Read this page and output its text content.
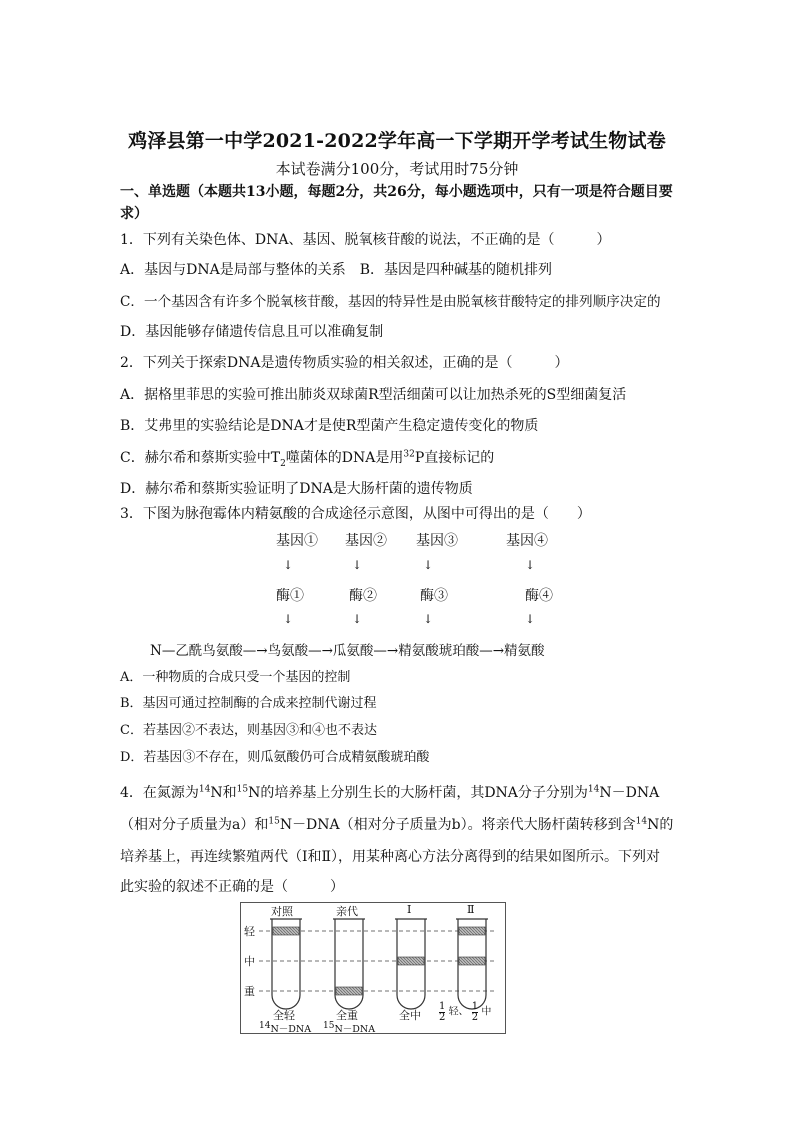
鸡泽县第一中学2021-2022学年高一下学期开学考试生物试卷
本试卷满分100分，考试用时75分钟
一、单选题（本题共13小题，每题2分，共26分，每小题选项中，只有一项是符合题目要求）
1．下列有关染色体、DNA、基因、脱氧核苷酸的说法，不正确的是（　　　）
A．基因与DNA是局部与整体的关系　B．基因是四种碱基的随机排列
C．一个基因含有许多个脱氧核苷酸，基因的特异性是由脱氧核苷酸特定的排列顺序决定的
D．基因能够存储遗传信息且可以准确复制
2．下列关于探索DNA是遗传物质实验的相关叙述，正确的是（　　　）
A．据格里菲思的实验可推出肺炎双球菌R型活细菌可以让加热杀死的S型细菌复活
B．艾弗里的实验结论是DNA才是使R型菌产生稳定遗传变化的物质
C．赫尔希和蔡斯实验中$T_2$噬菌体的DNA是用$^{32}$P直接标记的
D．赫尔希和蔡斯实验证明了DNA是大肠杆菌的遗传物质
3．下图为脉孢霉体内精氨酸的合成途径示意图，从图中可得出的是（　　）
基因①	基因②	基因③	基因④
↓	↓	↓	↓
酶①	酶②	酶③	酶④
↓	↓	↓	↓
N—乙酰鸟氨酸—→鸟氨酸—→瓜氨酸—→精氨酸琥珀酸—→精氨酸
A．一种物质的合成只受一个基因的控制
B．基因可通过控制酶的合成来控制代谢过程
C．若基因②不表达，则基因③和④也不表达
D．若基因③不存在，则瓜氨酸仍可合成精氨酸琥珀酸
4．在氮源为$^{14}$N和$^{15}$N的培养基上分别生长的大肠杆菌，其DNA分子分别为$^{14}$N－DNA
（相对分子质量为a）和$^{15}$N－DNA（相对分子质量为b）。将亲代大肠杆菌转移到含$^{14}$N的
培养基上，再连续繁殖两代（Ⅰ和Ⅱ），用某种离心方法分离得到的结果如图所示。下列对
此实验的叙述不正确的是（　　　）
对照	亲代	Ⅰ	Ⅱ
轻
中
重
全轻	全重	全中 $\frac{1}{2}$ 轻、 $\frac{1}{2}$ 中
$^{14}$N－DNA $^{15}$N－DNA
